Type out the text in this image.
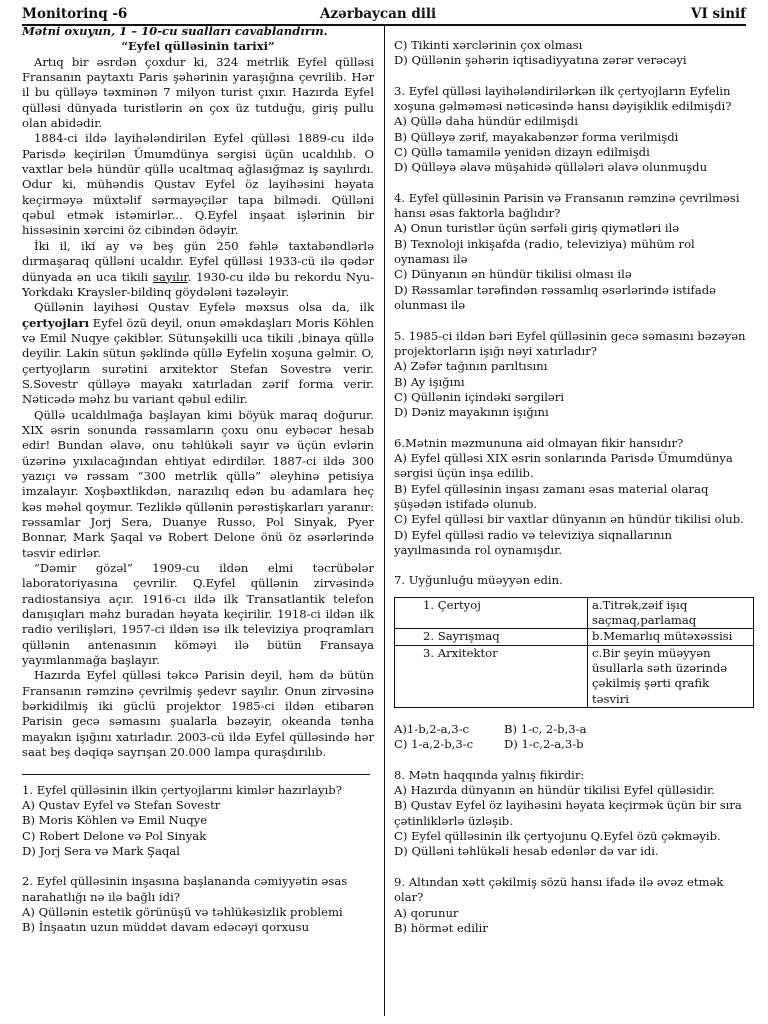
Monitorinq -6	Azərbaycan dili	VI sinif

Mətni oxuyun, 1 – 10-cu sualları cavablandırın.

“Eyfel qülləsinin tarixi”

Artıq bir əsrdən çoxdur ki, 324 metrlik Eyfel qülləsi Fransanın paytaxtı Paris şəhərinin yaraşığına çevrilib. Hər il bu qülləyə təxminən 7 milyon turist çıxır. Hazırda Eyfel qülləsi dünyada turistlərin ən çox üz tutduğu, giriş pullu olan abidədir.

1884-ci ildə layihələndirilən Eyfel qülləsi 1889-cu ildə Parisdə keçirilən Ümumdünya sərgisi üçün ucaldılıb. O vaxtlar belə hündür qüllə ucaltmaq ağlasığmaz iş sayılırdı. Odur ki, mühəndis Qustav Eyfel öz layihəsini həyata keçirməyə müxtəlif sərmayəçilər tapa bilmədi. Qülləni qəbul etmək istəmirlər... Q.Eyfel inşaat işlərinin bir hissəsinin xərcini öz cibindən ödəyir.

İki il, iki ay və beş gün 250 fəhlə taxtabəndlərlə dırmaşaraq qülləni ucaldır. Eyfel qülləsi 1933-cü ilə qədər dünyada ən uca tikili sayılır. 1930-cu ildə bu rekordu Nyu-Yorkdakı Kraysler-bildinq göydələni təzələyir.

Qüllənin layihəsi Qustav Eyfelə məxsus olsa da, ilk çertyojları Eyfel özü deyil, onun əməkdaşları Moris Köhlen və Emil Nuqye çəkiblər. Sütunşəkilli uca tikili ,binaya qüllə deyilir. Lakin sütun şəklində qüllə Eyfelin xoşuna gəlmir. O, çertyojların surətini arxitektor Stefan Sovestrə verir. S.Sovestr qülləyə mayakı xatırladan zərif forma verir. Nəticədə məhz bu variant qəbul edilir.

Qüllə ucaldılmağa başlayan kimi böyük maraq doğurur. XIX əsrin sonunda rəssamların çoxu onu eybəcər hesab edir! Bundan əlavə, onu təhlükəli sayır və üçün evlərin üzərinə yıxılacağından ehtiyat edirdilər. 1887-ci ildə 300 yazıçı və rəssam “300 metrlik qüllə” əleyhinə petisiya imzalayır. Xoşbəxtlikdən, narazılıq edən bu adamlara heç kəs məhəl qoymur. Tezliklə qüllənin pərəstişkarları yaranır: rəssamlar Jorj Sera, Duanye Russo, Pol Sinyak, Pyer Bonnar, Mark Şaqal və Robert Delone önü öz əsərlərində təsvir edirlər.

“Dəmir gözəl” 1909-cu ildən elmi təcrübələr laboratoriyasına çevrilir. Q.Eyfel qüllənin zirvəsində radiostansiya açır. 1916-cı ildə ilk Transatlantik telefon danışıqları məhz buradan həyata keçirilir. 1918-ci ildən ilk radio verilişləri, 1957-ci ildən isə ilk televiziya proqramları qüllənin antenasının köməyi ilə bütün Fransaya yayımlanmağa başlayır.

Hazırda Eyfel qülləsi təkcə Parisin deyil, həm də bütün Fransanın rəmzinə çevrilmiş şedevr sayılır. Onun zirvəsinə bərkidilmiş iki güclü projektor 1985-ci ildən etibarən Parisin gecə səmasını şualarla bəzəyir, okeanda tənha mayakın işığını xatırladır. 2003-cü ildə Eyfel qülləsində hər saat beş dəqiqə sayrışan 20.000 lampa quraşdırılıb.

1. Eyfel qülləsinin ilkin çertyojlarını kimlər hazırlayıb?

A) Qustav Eyfel və Stefan Sovestr

B) Moris Köhlen və Emil Nuqye

C) Robert Delone və Pol Sinyak

D) Jorj Sera və Mark Şaqal

2. Eyfel qülləsinin inşasına başlananda cəmiyyətin əsas narahatlığı nə ilə bağlı idi?

A) Qüllənin estetik görünüşü və təhlükəsizlik problemi

B) İnşaatın uzun müddət davam edəcəyi qorxusu

C) Tikinti xərclərinin çox olması

D) Qüllənin şəhərin iqtisadiyyatına zərər verəcəyi

3. Eyfel qülləsi layihələndirilərkən ilk çertyojların Eyfelin xoşuna gəlməməsi nəticəsində hansı dəyişiklik edilmişdi?

A) Qüllə daha hündür edilmişdi

B) Qülləyə zərif, mayakabənzər forma verilmişdi

C) Qüllə tamamilə yenidən dizayn edilmişdi

D) Qülləyə əlavə müşahidə qüllələri əlavə olunmuşdu

4. Eyfel qülləsinin Parisin və Fransanın rəmzinə çevrilməsi hansı əsas faktorla bağlıdır?

A) Onun turistlər üçün sərfəli giriş qiymətləri ilə

B) Texnoloji inkişafda (radio, televiziya) mühüm rol oynaması ilə

C) Dünyanın ən hündür tikilisi olması ilə

D) Rəssamlar tərəfindən rəssamlıq əsərlərində istifadə olunması ilə

5. 1985-ci ildən bəri Eyfel qülləsinin gecə səmasını bəzəyən projektorların işığı nəyi xatırladır?

A) Zəfər tağının parıltısını

B) Ay işığını

C) Qüllənin içindəki sərgiləri

D) Dəniz mayakının işığını

6.Mətnin məzmununa aid olmayan fikir hansıdır?

A) Eyfel qülləsi XIX əsrin sonlarında Parisdə Ümumdünya sərgisi üçün inşa edilib.

B) Eyfel qülləsinin inşası zamanı əsas material olaraq şüşədən istifadə olunub.

C) Eyfel qülləsi bir vaxtlar dünyanın ən hündür tikilisi olub.

D) Eyfel qülləsi radio və televiziya siqnallarının yayılmasında rol oynamışdır.

7. Uyğunluğu müəyyən edin.

1. Çertyoj	a.Titrək,zəif işıq saçmaq,parlamaq
2. Sayrışmaq	b.Memarlıq mütəxəssisi
3. Arxitektor	c.Bir şeyin müəyyən üsullarla səth üzərində çəkilmiş şərti qrafik təsviri
A)1-b,2-a,3-c	B) 1-c, 2-b,3-a
C) 1-a,2-b,3-c	D) 1-c,2-a,3-b

8. Mətn haqqında yalnış fikirdir:

A) Hazırda dünyanın ən hündür tikilisi Eyfel qülləsidir.

B) Qustav Eyfel öz layihəsini həyata keçirmək üçün bir sıra çətinliklərlə üzləşib.

C) Eyfel qülləsinin ilk çertyojunu Q.Eyfel özü çəkməyib.

D) Qülləni təhlükəli hesab edənlər də var idi.

9. Altından xətt çəkilmiş sözü hansı ifadə ilə əvəz etmək olar?

A) qorunur

B) hörmət edilir
